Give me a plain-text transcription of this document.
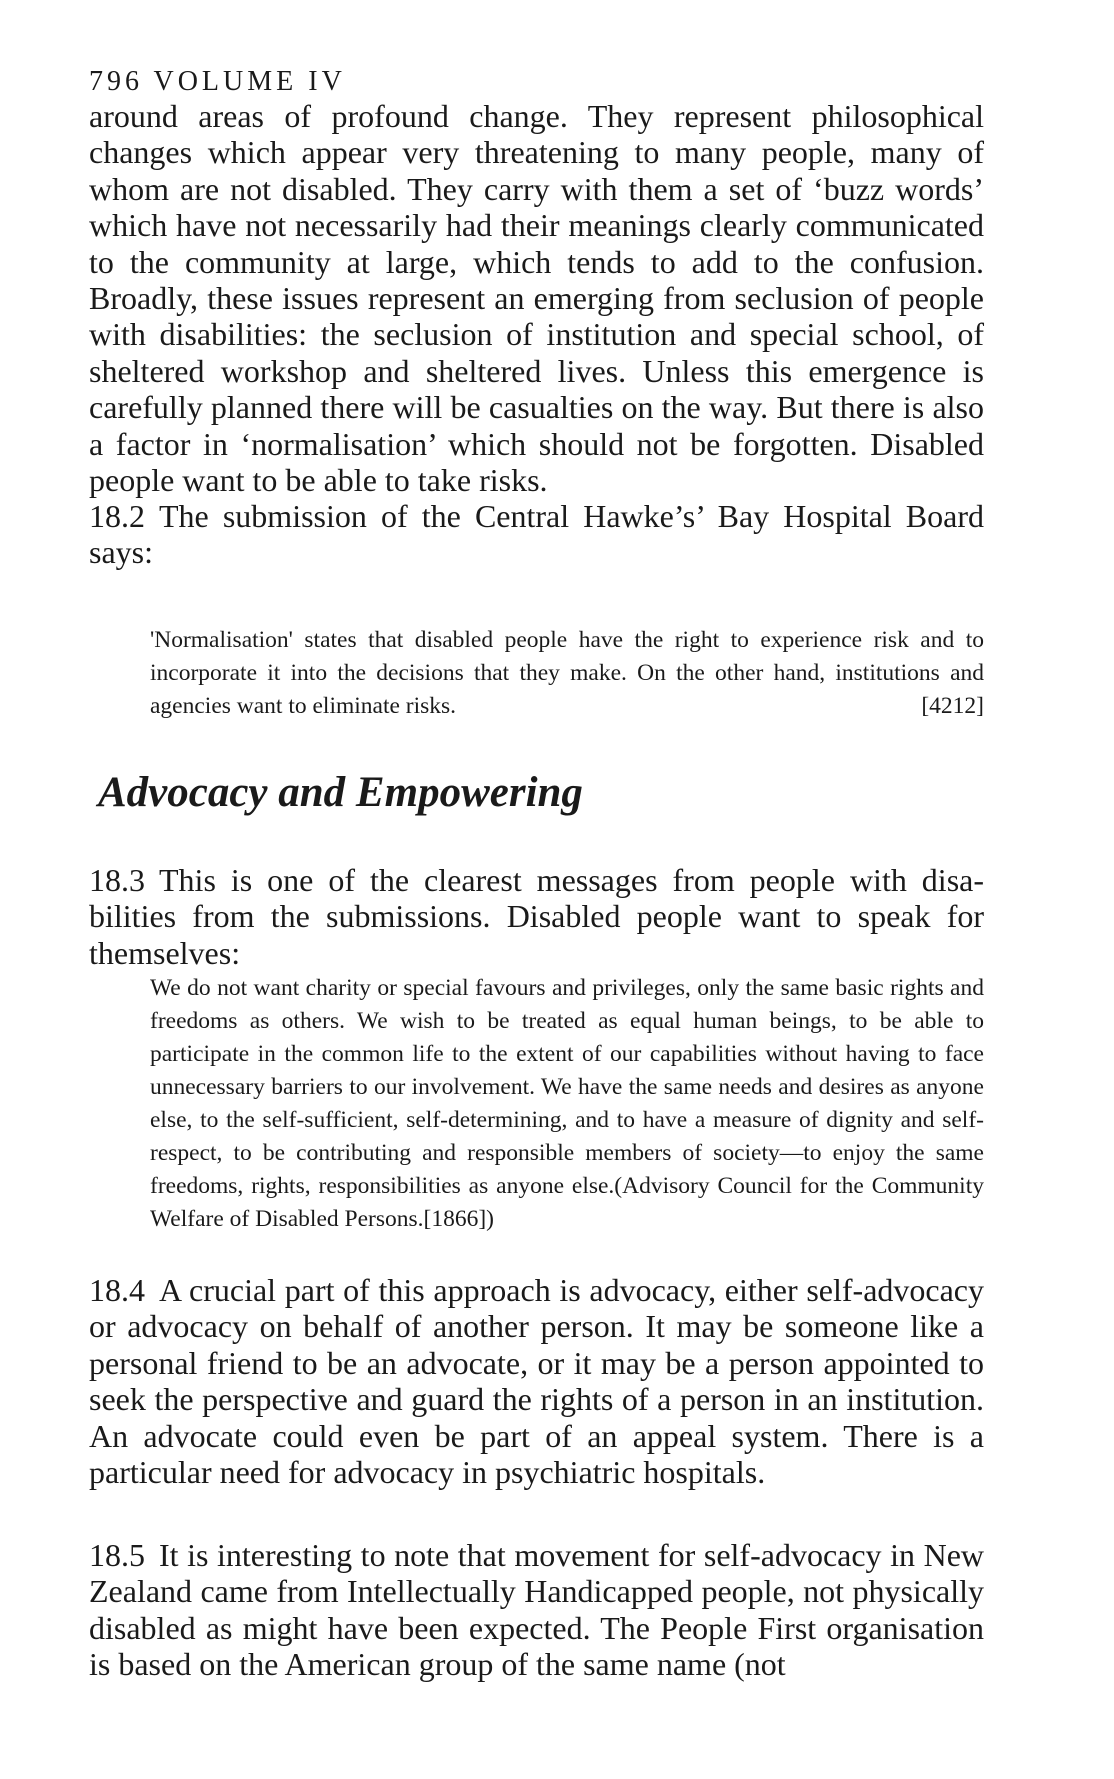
796 VOLUME IV

around areas of profound change. They represent philosophical changes which appear very threatening to many people, many of whom are not disabled. They carry with them a set of ‘buzz words’ which have not necessarily had their meanings clearly communicated to the community at large, which tends to add to the confusion. Broadly, these issues represent an emerging from seclusion of people with disabilities: the seclusion of institution and special school, of sheltered workshop and sheltered lives. Unless this emergence is carefully planned there will be casualties on the way. But there is also a factor in ‘normalisation’ which should not be forgotten. Disabled people want to be able to take risks.

18.2 The submission of the Central Hawke’s’ Bay Hospital Board says:

'Normalisation' states that disabled people have the right to experience risk and to incorporate it into the decisions that they make. On the other hand, institutions and agencies want to eliminate risks.	[4212]
Advocacy and Empowering

18.3 This is one of the clearest messages from people with disabilities from the submissions. Disabled people want to speak for themselves:

We do not want charity or special favours and privileges, only the same basic rights and freedoms as others. We wish to be treated as equal human beings, to be able to participate in the common life to the extent of our capabilities without having to face unnecessary barriers to our involvement. We have the same needs and desires as anyone else, to the self-sufficient, self-determining, and to have a measure of dignity and self-respect, to be contributing and responsible members of society—to enjoy the same freedoms, rights, responsibilities as anyone else.(Advisory Council for the Community Welfare of Disabled Persons.[1866])

18.4 A crucial part of this approach is advocacy, either self-advocacy or advocacy on behalf of another person. It may be someone like a personal friend to be an advocate, or it may be a person appointed to seek the perspective and guard the rights of a person in an institution. An advocate could even be part of an appeal system. There is a particular need for advocacy in psychiatric hospitals.

18.5 It is interesting to note that movement for self-advocacy in New Zealand came from Intellectually Handicapped people, not physically disabled as might have been expected. The People First organisation is based on the American group of the same name (not
